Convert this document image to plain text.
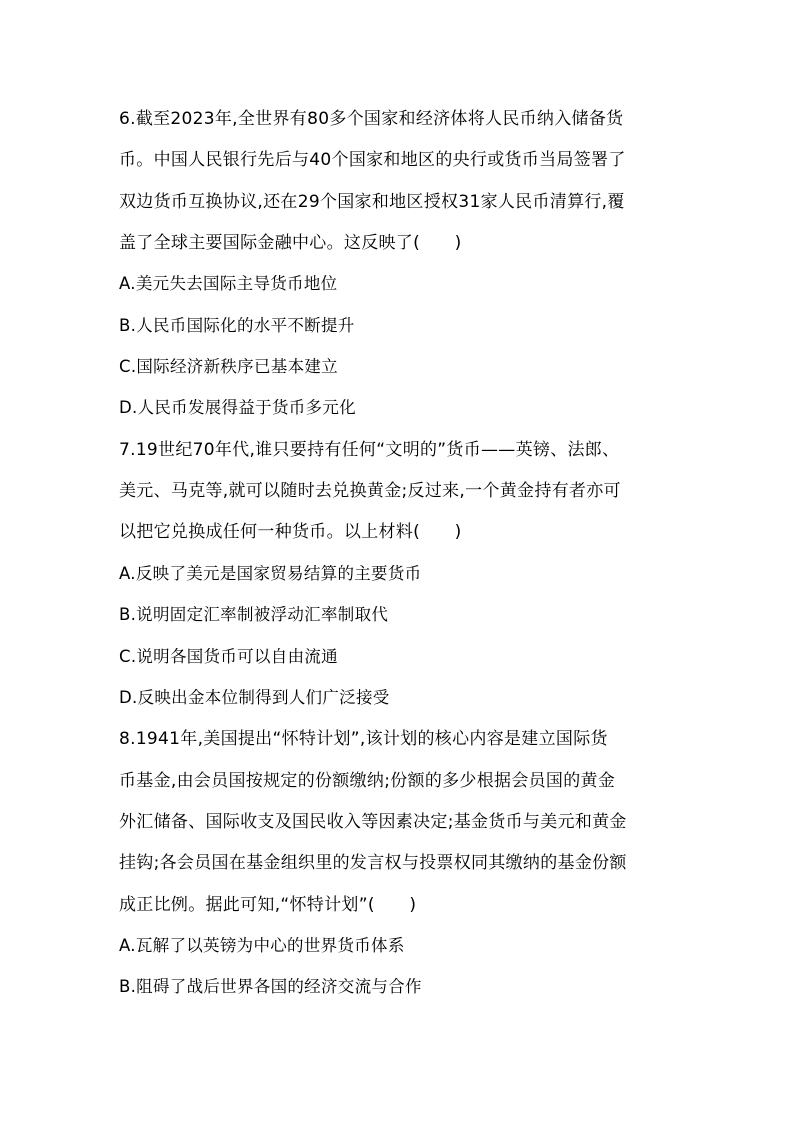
6.截至2023年,全世界有80多个国家和经济体将人民币纳入储备货
币。中国人民银行先后与40个国家和地区的央行或货币当局签署了
双边货币互换协议,还在29个国家和地区授权31家人民币清算行,覆
盖了全球主要国际金融中心。这反映了(　　)
A.美元失去国际主导货币地位
B.人民币国际化的水平不断提升
C.国际经济新秩序已基本建立
D.人民币发展得益于货币多元化
7.19世纪70年代,谁只要持有任何“文明的”货币——英镑、法郎、
美元、马克等,就可以随时去兑换黄金;反过来,一个黄金持有者亦可
以把它兑换成任何一种货币。以上材料(　　)
A.反映了美元是国家贸易结算的主要货币
B.说明固定汇率制被浮动汇率制取代
C.说明各国货币可以自由流通
D.反映出金本位制得到人们广泛接受
8.1941年,美国提出“怀特计划”,该计划的核心内容是建立国际货
币基金,由会员国按规定的份额缴纳;份额的多少根据会员国的黄金
外汇储备、国际收支及国民收入等因素决定;基金货币与美元和黄金
挂钩;各会员国在基金组织里的发言权与投票权同其缴纳的基金份额
成正比例。据此可知,“怀特计划”(　　)
A.瓦解了以英镑为中心的世界货币体系
B.阻碍了战后世界各国的经济交流与合作
